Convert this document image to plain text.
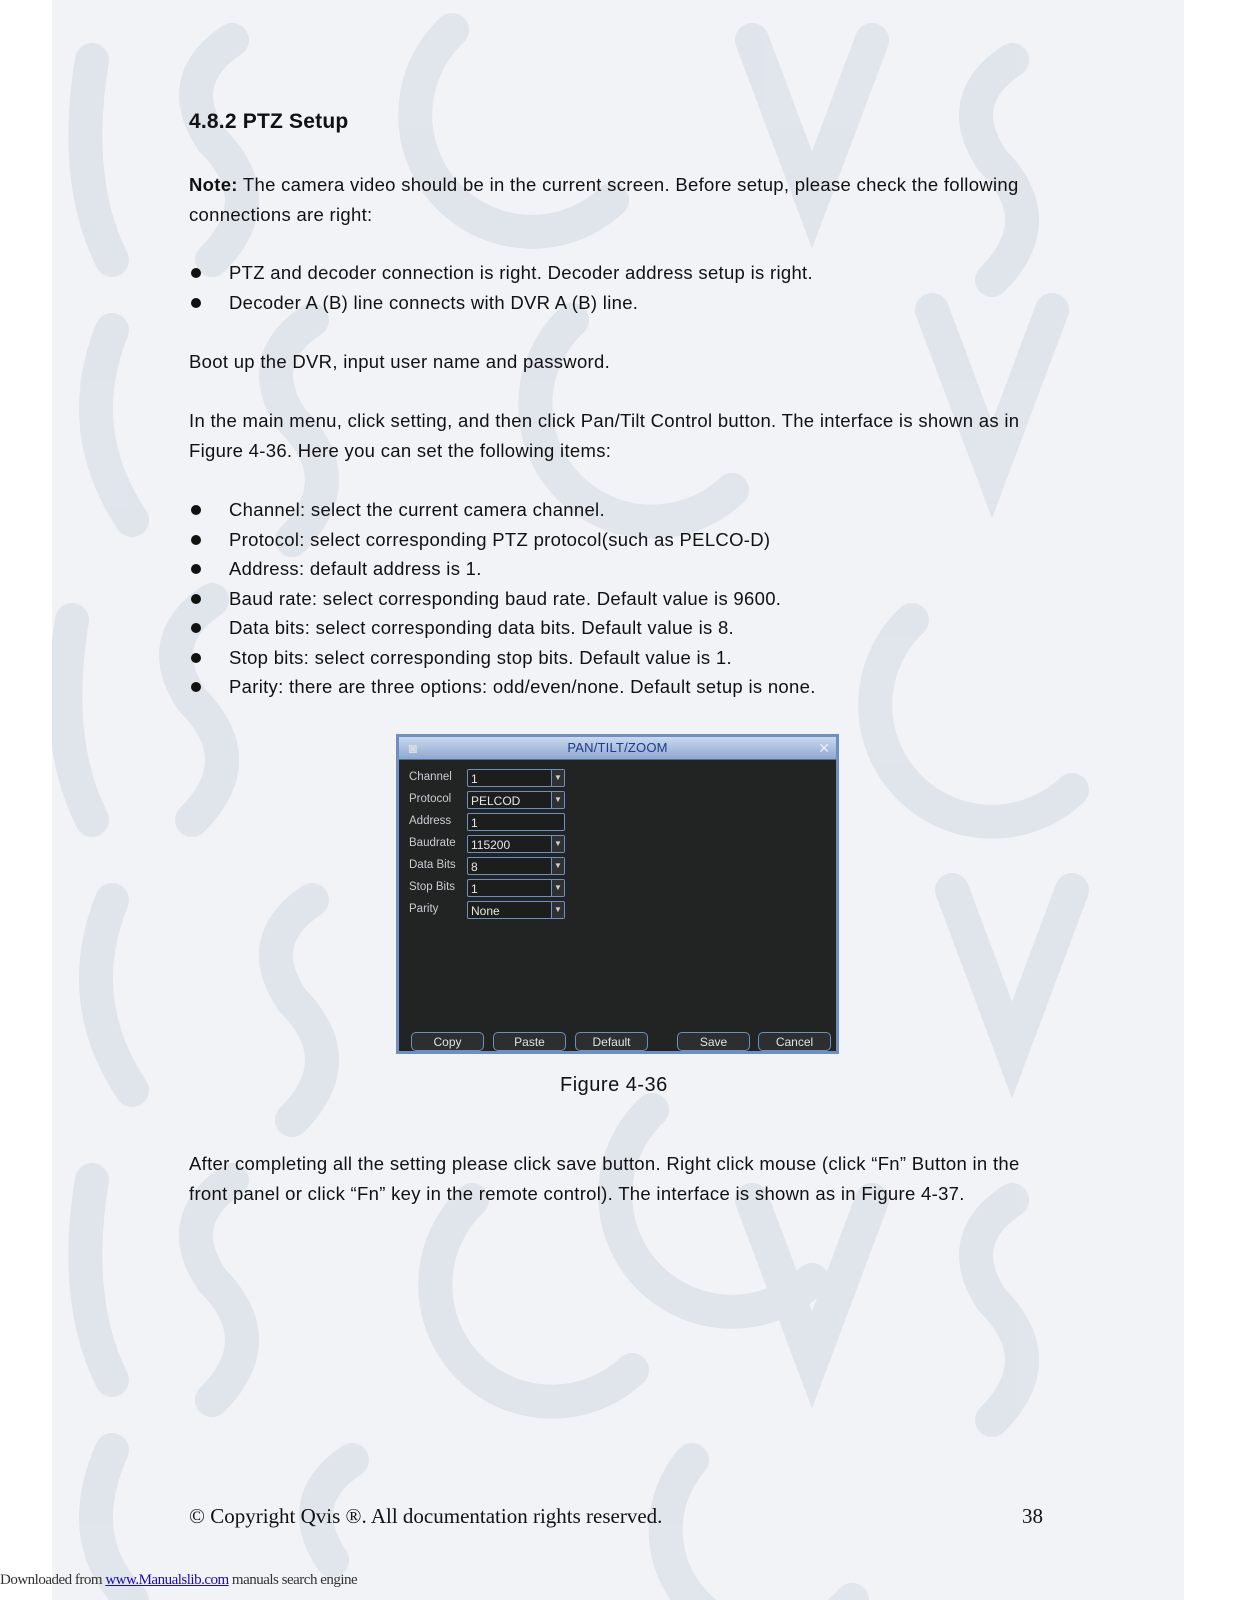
4.8.2 PTZ Setup
Note: The camera video should be in the current screen. Before setup, please check the following connections are right:
PTZ and decoder connection is right. Decoder address setup is right.
Decoder A (B) line connects with DVR A (B) line.
Boot up the DVR, input user name and password.
In the main menu, click setting, and then click Pan/Tilt Control button. The interface is shown as in Figure 4-36. Here you can set the following items:
Channel: select the current camera channel.
Protocol: select corresponding PTZ protocol(such as PELCO-D)
Address: default address is 1.
Baud rate: select corresponding baud rate. Default value is 9600.
Data bits: select corresponding data bits. Default value is 8.
Stop bits: select corresponding stop bits. Default value is 1.
Parity: there are three options: odd/even/none. Default setup is none.
◙	PAN/TILT/ZOOM	✕
Channel	1	▼
Protocol	PELCOD	▼
Address	1
Baudrate	115200	▼
Data Bits	8	▼
Stop Bits	1	▼
Parity	None	▼
Copy	Paste	Default	Save	Cancel
Figure 4-36
After completing all the setting please click save button. Right click mouse (click “Fn” Button in the front panel or click “Fn” key in the remote control). The interface is shown as in Figure 4-37.
© Copyright Qvis ®. All documentation rights reserved.	38
Downloaded from www.Manualslib.com manuals search engine
